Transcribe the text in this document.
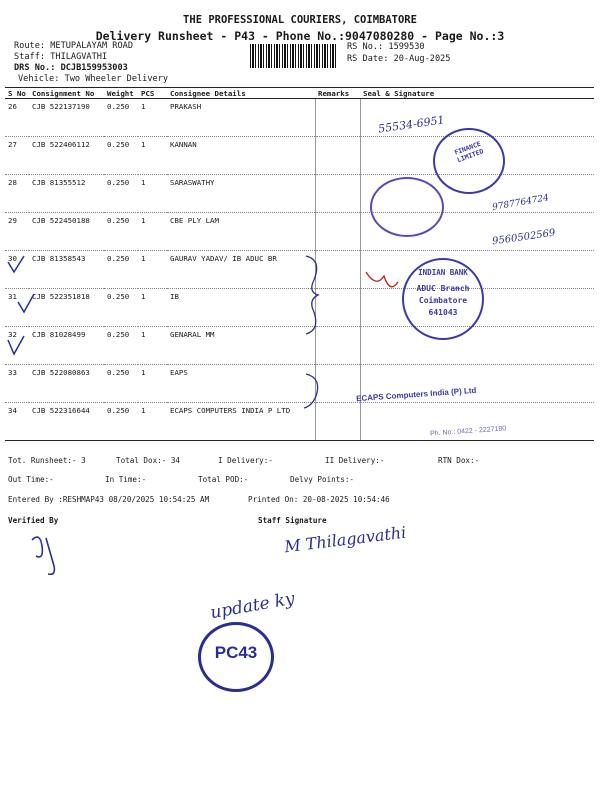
THE PROFESSIONAL COURIERS, COIMBATORE
Delivery Runsheet - P43 - Phone No.:9047080280 - Page No.:3
Route: METUPALAYAM ROAD
Staff: THILAGVATHI
DRS No.: DCJB159953003
Vehicle: Two Wheeler Delivery
RS No.: 1599530
RS Date: 20-Aug-2025
S No	Consignment No	Weight	PCS	Consignee Details	Remarks	Seal & Signature
26	CJB 522137190	0.250	1	PRAKASH		
27	CJB 522406112	0.250	1	KANNAN		
28	CJB 81355512	0.250	1	SARASWATHY		
29	CJB 522450188	0.250	1	CBE PLY LAM		
30	CJB 81358543	0.250	1	GAURAV YADAV/ IB ADUC BR		
31	CJB 522351818	0.250	1	IB		
32	CJB 81028499	0.250	1	GENARAL MM		
33	CJB 522080863	0.250	1	EAPS		
34	CJB 522316644	0.250	1	ECAPS COMPUTERS INDIA P LTD		
55534-6951
9787764724
9560502569
FINANCE LIMITED
INDIAN BANK
ADUC Branch
Coimbatore
641043
ECAPS Computers India (P) Ltd
Ph. No.: 0422 - 2227180
Tot. Runsheet:- 3	Total Dox:- 34	I Delivery:-	II Delivery:-	RTN Dox:-
Out Time:-	In Time:-	Total POD:-	Delvy Points:-
Entered By :RESHMAP43 08/20/2025 10:54:25 AM	Printed On: 20-08-2025 10:54:46
Verified By	Staff Signature
M Thilagavathi
update ky
PC43
